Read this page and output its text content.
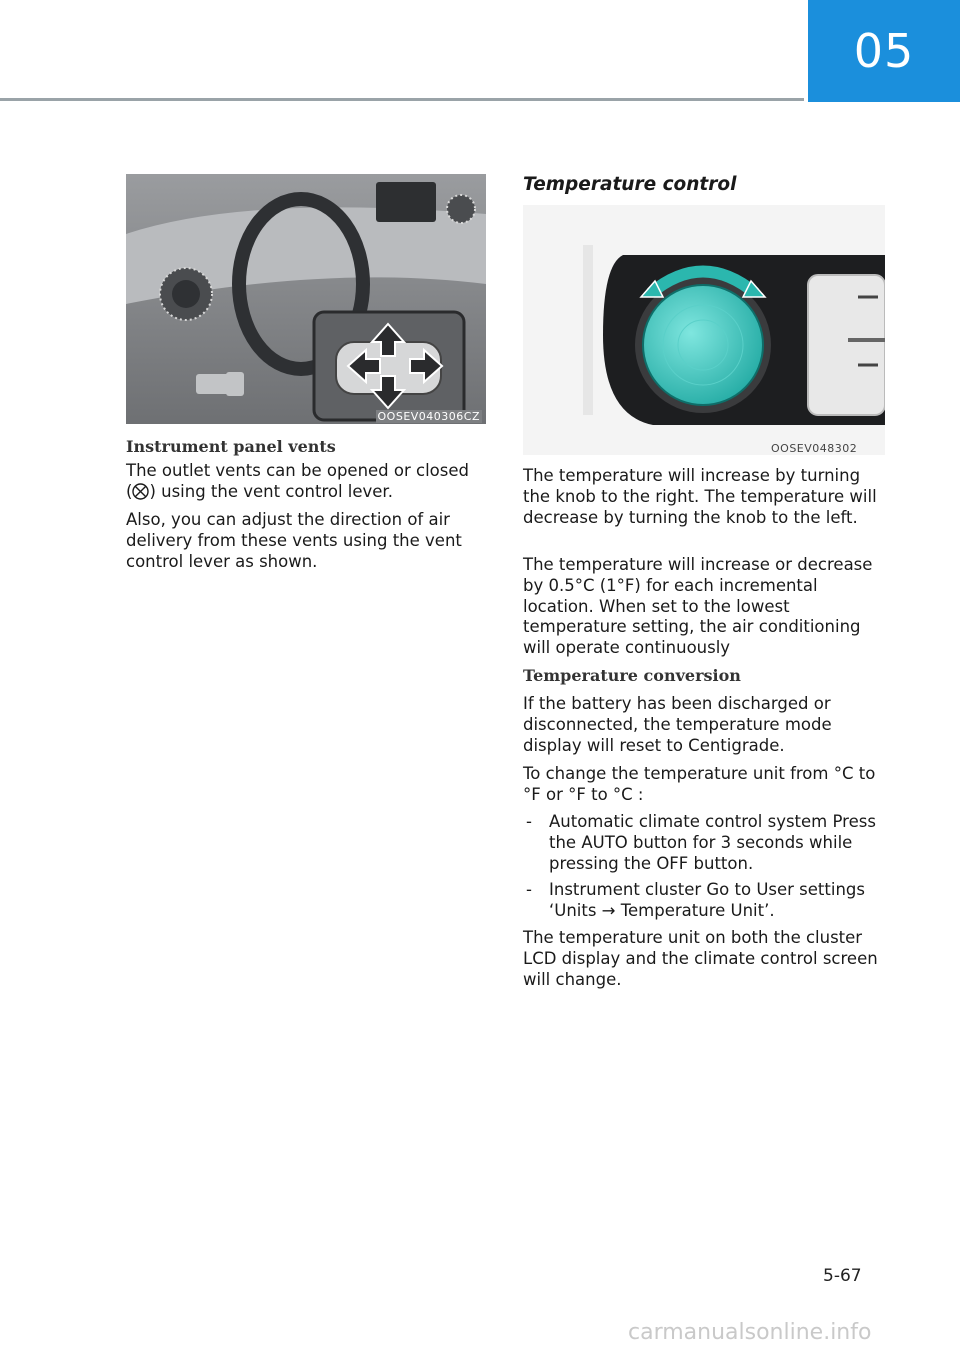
05
OOSEV040306CZ
Instrument panel vents

The outlet vents can be opened or closed
( ) using the vent control lever.

Also, you can adjust the direction of air delivery from these vents using the vent control lever as shown.

Temperature control
OOSEV048302

The temperature will increase by turning the knob to the right. The temperature will decrease by turning the knob to the left.

The temperature will increase or decrease by 0.5°C (1°F) for each incremental location. When set to the lowest temperature setting, the air conditioning will operate continuously

Temperature conversion

If the battery has been discharged or disconnected, the temperature mode display will reset to Centigrade.

To change the temperature unit from °C to °F or °F to °C :

- Automatic climate control system Press the AUTO button for 3 seconds while pressing the OFF button.
- Instrument cluster Go to User settings ‘Units → Temperature Unit’.

The temperature unit on both the cluster LCD display and the climate control screen will change.

5-67
carmanualsonline.info
